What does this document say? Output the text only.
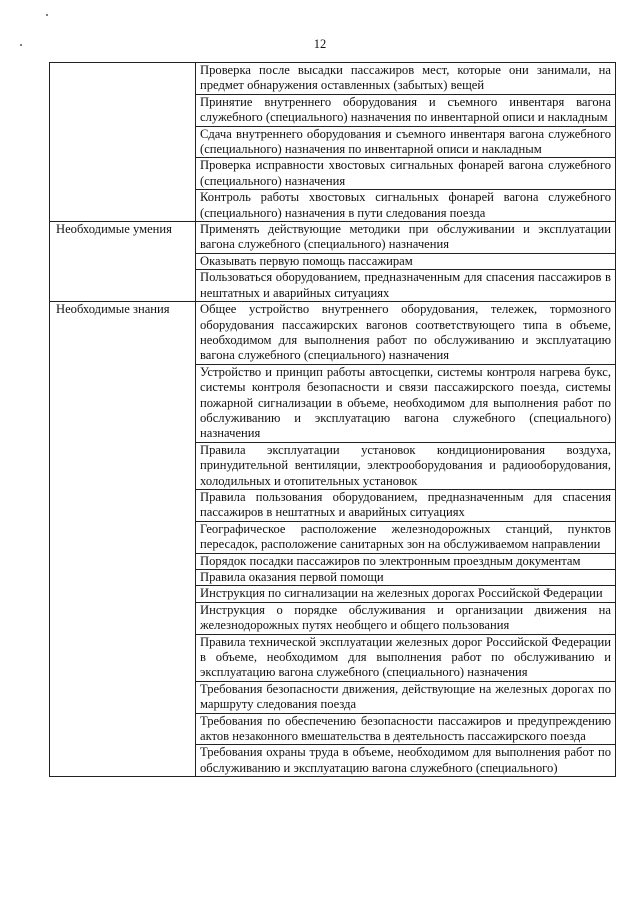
12
	Проверка после высадки пассажиров мест, которые они занимали, на предмет обнаружения оставленных (забытых) вещей
	Принятие внутреннего оборудования и съемного инвентаря вагона служебного (специального) назначения по инвентарной описи и накладным
	Сдача внутреннего оборудования и съемного инвентаря вагона служебного (специального) назначения по инвентарной описи и накладным
	Проверка исправности хвостовых сигнальных фонарей вагона служебного (специального) назначения
	Контроль работы хвостовых сигнальных фонарей вагона служебного (специального) назначения в пути следования поезда
Необходимые умения	Применять действующие методики при обслуживании и эксплуатации вагона служебного (специального) назначения
	Оказывать первую помощь пассажирам
	Пользоваться оборудованием, предназначенным для спасения пассажиров в нештатных и аварийных ситуациях
Необходимые знания	Общее устройство внутреннего оборудования, тележек, тормозного оборудования пассажирских вагонов соответствующего типа в объеме, необходимом для выполнения работ по обслуживанию и эксплуатацию вагона служебного (специального) назначения
	Устройство и принцип работы автосцепки, системы контроля нагрева букс, системы контроля безопасности и связи пассажирского поезда, системы пожарной сигнализации в объеме, необходимом для выполнения работ по обслуживанию и эксплуатацию вагона служебного (специального) назначения
	Правила эксплуатации установок кондиционирования воздуха, принудительной вентиляции, электрооборудования и радиооборудования, холодильных и отопительных установок
	Правила пользования оборудованием, предназначенным для спасения пассажиров в нештатных и аварийных ситуациях
	Географическое расположение железнодорожных станций, пунктов пересадок, расположение санитарных зон на обслуживаемом направлении
	Порядок посадки пассажиров по электронным проездным документам
	Правила оказания первой помощи
	Инструкция по сигнализации на железных дорогах Российской Федерации
	Инструкция о порядке обслуживания и организации движения на железнодорожных путях необщего и общего пользования
	Правила технической эксплуатации железных дорог Российской Федерации в объеме, необходимом для выполнения работ по обслуживанию и эксплуатацию вагона служебного (специального) назначения
	Требования безопасности движения, действующие на железных дорогах по маршруту следования поезда
	Требования по обеспечению безопасности пассажиров и предупреждению актов незаконного вмешательства в деятельность пассажирского поезда
	Требования охраны труда в объеме, необходимом для выполнения работ по обслуживанию и эксплуатацию вагона служебного (специального)
